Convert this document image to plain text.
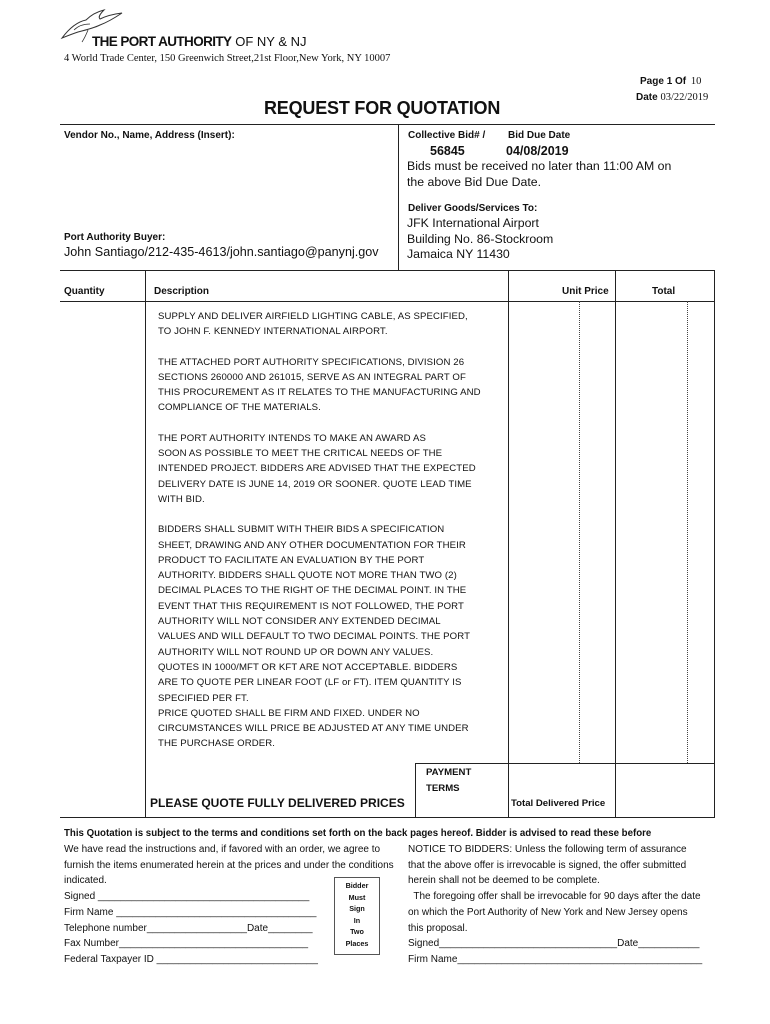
THE PORT AUTHORITY OF NY & NJ
4 World Trade Center, 150 Greenwich Street,21st Floor,New York, NY 10007
Page 1 Of 10
Date 03/22/2019
REQUEST FOR QUOTATION
Vendor No., Name, Address (Insert):
Port Authority Buyer:
John Santiago/212-435-4613/john.santiago@panynj.gov
Collective Bid# / Bid Due Date
56845	04/08/2019
Bids must be received no later than 11:00 AM on
the above Bid Due Date.
Deliver Goods/Services To:
JFK International Airport
Building No. 86-Stockroom
Jamaica NY 11430
Quantity	Description	Unit Price	Total

SUPPLY AND DELIVER AIRFIELD LIGHTING CABLE, AS SPECIFIED,
TO JOHN F. KENNEDY INTERNATIONAL AIRPORT.

THE ATTACHED PORT AUTHORITY SPECIFICATIONS, DIVISION 26
SECTIONS 260000 AND 261015, SERVE AS AN INTEGRAL PART OF
THIS PROCUREMENT AS IT RELATES TO THE MANUFACTURING AND
COMPLIANCE OF THE MATERIALS.

THE PORT AUTHORITY INTENDS TO MAKE AN AWARD AS
SOON AS POSSIBLE TO MEET THE CRITICAL NEEDS OF THE
INTENDED PROJECT. BIDDERS ARE ADVISED THAT THE EXPECTED
DELIVERY DATE IS JUNE 14, 2019 OR SOONER. QUOTE LEAD TIME
WITH BID.

BIDDERS SHALL SUBMIT WITH THEIR BIDS A SPECIFICATION
SHEET, DRAWING AND ANY OTHER DOCUMENTATION FOR THEIR
PRODUCT TO FACILITATE AN EVALUATION BY THE PORT
AUTHORITY. BIDDERS SHALL QUOTE NOT MORE THAN TWO (2)
DECIMAL PLACES TO THE RIGHT OF THE DECIMAL POINT. IN THE
EVENT THAT THIS REQUIREMENT IS NOT FOLLOWED, THE PORT
AUTHORITY WILL NOT CONSIDER ANY EXTENDED DECIMAL
VALUES AND WILL DEFAULT TO TWO DECIMAL POINTS. THE PORT
AUTHORITY WILL NOT ROUND UP OR DOWN ANY VALUES.
QUOTES IN 1000/MFT OR KFT ARE NOT ACCEPTABLE. BIDDERS
ARE TO QUOTE PER LINEAR FOOT (LF or FT). ITEM QUANTITY IS
SPECIFIED PER FT.
PRICE QUOTED SHALL BE FIRM AND FIXED. UNDER NO
CIRCUMSTANCES WILL PRICE BE ADJUSTED AT ANY TIME UNDER
THE PURCHASE ORDER.

PAYMENT
TERMS
PLEASE QUOTE FULLY DELIVERED PRICES	Total Delivered Price
This Quotation is subject to the terms and conditions set forth on the back pages hereof. Bidder is advised to read these before
We have read the instructions and, if favored with an order, we agree to
furnish the items enumerated herein at the prices and under the conditions
indicated.
Signed ______________________________________
Firm Name ____________________________________
Telephone number__________________Date________
Fax Number__________________________________
Federal Taxpayer ID _____________________________
Bidder
Must
Sign
In
Two
Places
NOTICE TO BIDDERS: Unless the following term of assurance
that the above offer is irrevocable is signed, the offer submitted
herein shall not be deemed to be complete.
The foregoing offer shall be irrevocable for 90 days after the date
on which the Port Authority of New York and New Jersey opens
this proposal.
Signed________________________________Date___________
Firm Name____________________________________________
